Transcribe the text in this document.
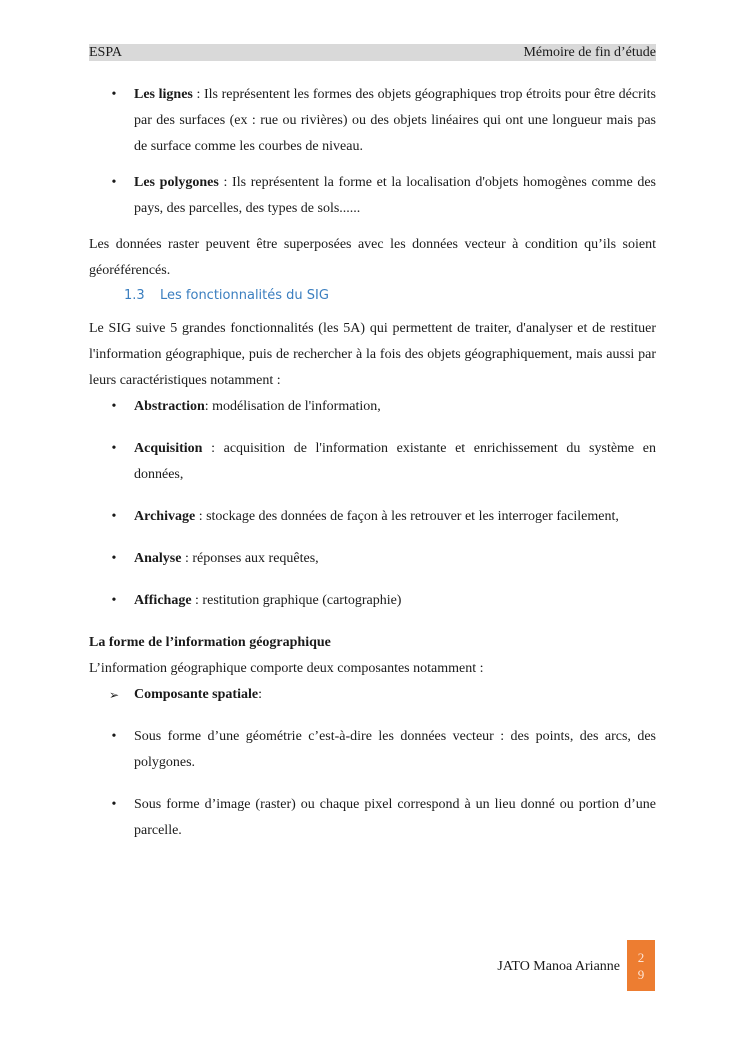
ESPA	Mémoire de fin d’étude
• Les lignes : Ils représentent les formes des objets géographiques trop étroits pour être décrits par des surfaces (ex : rue ou rivières) ou des objets linéaires qui ont une longueur mais pas de surface comme les courbes de niveau.
• Les polygones : Ils représentent la forme et la localisation d'objets homogènes comme des pays, des parcelles, des types de sols......

Les données raster peuvent être superposées avec les données vecteur à condition qu’ils soient géoréférencés.

1.3 Les fonctionnalités du SIG

Le SIG suive 5 grandes fonctionnalités (les 5A) qui permettent de traiter, d'analyser et de restituer l'information géographique, puis de rechercher à la fois des objets géographiquement, mais aussi par leurs caractéristiques notamment :

• Abstraction: modélisation de l'information,
• Acquisition : acquisition de l'information existante et enrichissement du système en données,
• Archivage : stockage des données de façon à les retrouver et les interroger facilement,
• Analyse : réponses aux requêtes,
• Affichage : restitution graphique (cartographie)

La forme de l’information géographique

L’information géographique comporte deux composantes notamment :

➢ Composante spatiale:
• Sous forme d’une géométrie c’est-à-dire les données vecteur : des points, des arcs, des polygones.
• Sous forme d’image (raster) ou chaque pixel correspond à un lieu donné ou portion d’une parcelle.
JATO Manoa Arianne
2
9
